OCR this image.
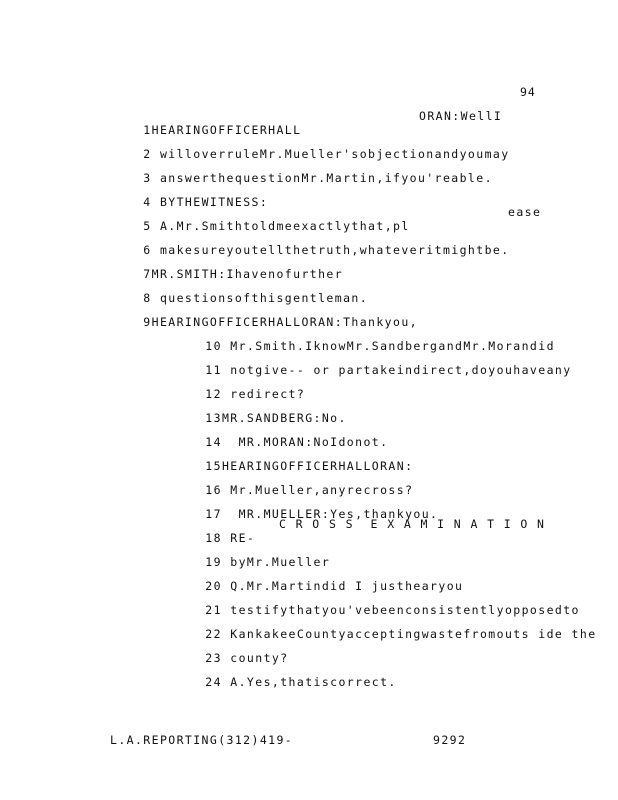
94

1HEARINGOFFICERHALL

ORAN:WellI

2 willoverruleMr.Mueller'sobjectionandyoumay

3 answerthequestionMr.Martin,ifyou'reable.

4 BYTHEWITNESS:

5 A.Mr.Smithtoldmeexactlythat,pl

ease

6 makesureyoutellthetruth,whateveritmightbe.

7MR.SMITH:Ihavenofurther

8 questionsofthisgentleman.

9HEARINGOFFICERHALLORAN:Thankyou,

10 Mr.Smith.IknowMr.SandbergandMr.Morandid

11 notgive-- or partakeindirect,doyouhaveany

12 redirect?

13MR.SANDBERG:No.

14  MR.MORAN:NoIdonot.

15HEARINGOFFICERHALLORAN:

16 Mr.Mueller,anyrecross?

17  MR.MUELLER:Yes,thankyou.

18 RE-

C R O S S  E X A M I N A T I O N

19 byMr.Mueller

20 Q.Mr.Martindid I justhearyou

21 testifythatyou'vebeenconsistentlyopposedto

22 KankakeeCountyacceptingwastefromouts ide the

23 county?

24 A.Yes,thatiscorrect.

L.A.REPORTING(312)419-	9292
